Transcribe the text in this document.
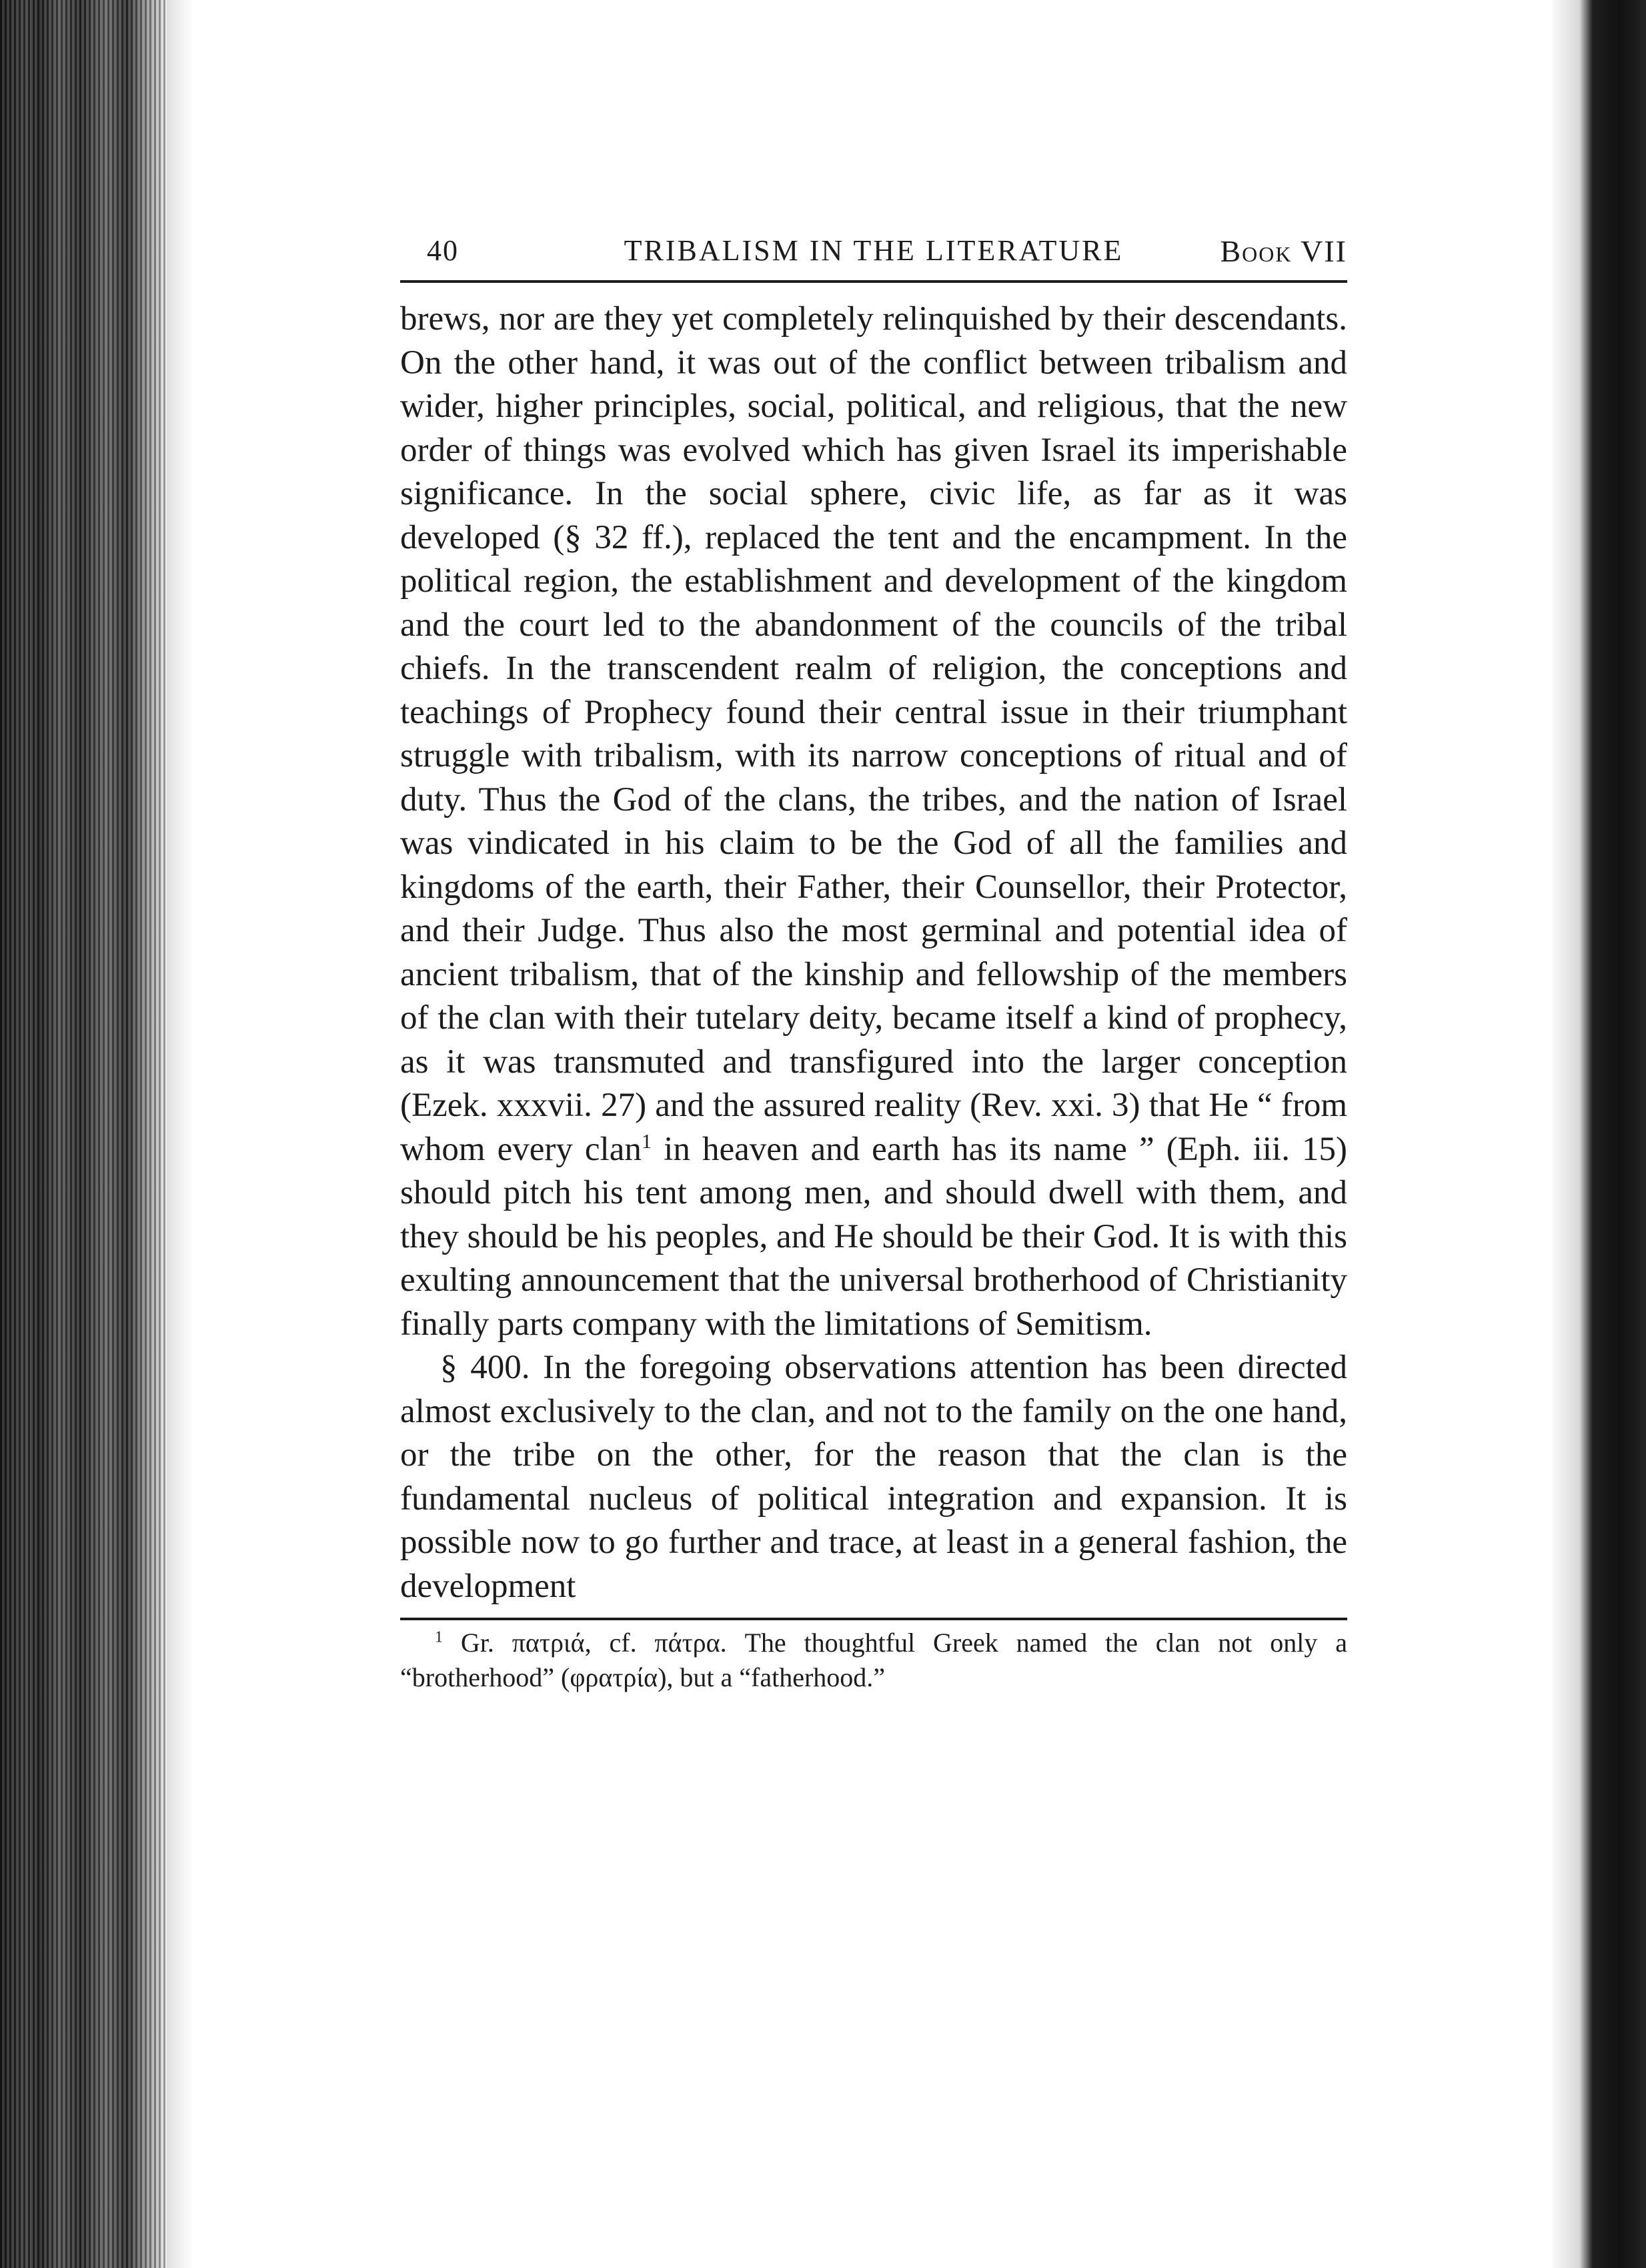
40	TRIBALISM IN THE LITERATURE	Book VII

brews, nor are they yet completely relinquished by their descendants. On the other hand, it was out of the conflict between tribalism and wider, higher principles, social, political, and religious, that the new order of things was evolved which has given Israel its imperishable significance. In the social sphere, civic life, as far as it was developed (§ 32 ff.), replaced the tent and the encampment. In the political region, the establishment and development of the kingdom and the court led to the abandonment of the councils of the tribal chiefs. In the transcendent realm of religion, the conceptions and teachings of Prophecy found their central issue in their triumphant struggle with tribalism, with its narrow conceptions of ritual and of duty. Thus the God of the clans, the tribes, and the nation of Israel was vindicated in his claim to be the God of all the families and kingdoms of the earth, their Father, their Counsellor, their Protector, and their Judge. Thus also the most germinal and potential idea of ancient tribalism, that of the kinship and fellowship of the members of the clan with their tutelary deity, became itself a kind of prophecy, as it was transmuted and transfigured into the larger conception (Ezek. xxxvii. 27) and the assured reality (Rev. xxi. 3) that He “ from whom every clan$^1$ in heaven and earth has its name ” (Eph. iii. 15) should pitch his tent among men, and should dwell with them, and they should be his peoples, and He should be their God. It is with this exulting announcement that the universal brotherhood of Christianity finally parts company with the limitations of Semitism.

§ 400. In the foregoing observations attention has been directed almost exclusively to the clan, and not to the family on the one hand, or the tribe on the other, for the reason that the clan is the fundamental nucleus of political integration and expansion. It is possible now to go further and trace, at least in a general fashion, the development

$^1$ Gr. πατριά, cf. πάτρα. The thoughtful Greek named the clan not only a “brotherhood” (φρατρία), but a “fatherhood.”
